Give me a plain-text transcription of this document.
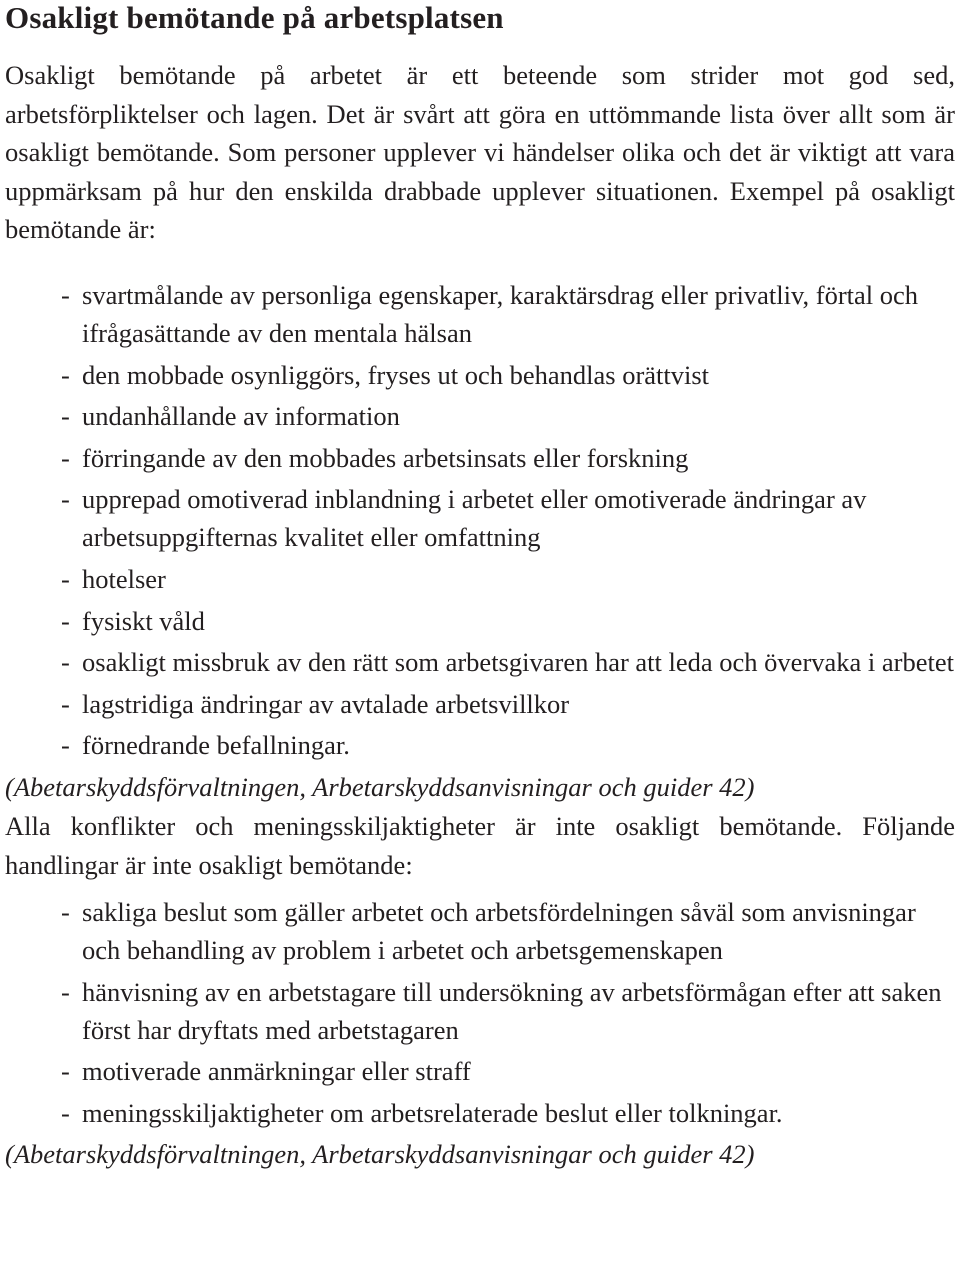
Osakligt bemötande på arbetsplatsen

Osakligt bemötande på arbetet är ett beteende som strider mot god sed, arbetsförpliktelser och lagen. Det är svårt att göra en uttömmande lista över allt som är osakligt bemötande. Som personer upplever vi händelser olika och det är viktigt att vara uppmärksam på hur den enskilda drabbade upplever situationen. Exempel på osakligt bemötande är:

- svartmålande av personliga egenskaper, karaktärsdrag eller privatliv, förtal och ifrågasättande av den mentala hälsan
- den mobbade osynliggörs, fryses ut och behandlas orättvist
- undanhållande av information
- förringande av den mobbades arbetsinsats eller forskning
- upprepad omotiverad inblandning i arbetet eller omotiverade ändringar av arbetsuppgifternas kvalitet eller omfattning
- hotelser
- fysiskt våld
- osakligt missbruk av den rätt som arbetsgivaren har att leda och övervaka i arbetet
- lagstridiga ändringar av avtalade arbetsvillkor
- förnedrande befallningar.

(Abetarskyddsförvaltningen, Arbetarskyddsanvisningar och guider 42)

Alla konflikter och meningsskiljaktigheter är inte osakligt bemötande. Följande handlingar är inte osakligt bemötande:

- sakliga beslut som gäller arbetet och arbetsfördelningen såväl som anvisningar och behandling av problem i arbetet och arbetsgemenskapen
- hänvisning av en arbetstagare till undersökning av arbetsförmågan efter att saken först har dryftats med arbetstagaren
- motiverade anmärkningar eller straff
- meningsskiljaktigheter om arbetsrelaterade beslut eller tolkningar.

(Abetarskyddsförvaltningen, Arbetarskyddsanvisningar och guider 42)
